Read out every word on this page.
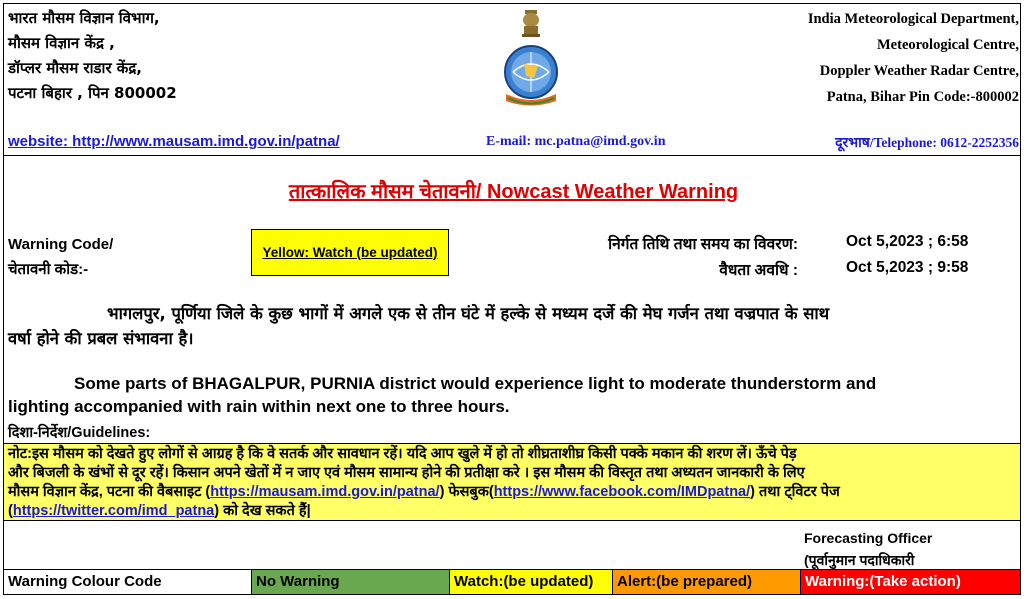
भारत मौसम विज्ञान विभाग,
मौसम विज्ञान केंद्र ,
डॉप्लर मौसम राडार केंद्र,
पटना बिहार , पिन 800002
India Meteorological Department,
Meteorological Centre,
Doppler Weather Radar Centre,
Patna, Bihar Pin Code:-800002
website: http://www.mausam.imd.gov.in/patna/	E-mail: mc.patna@imd.gov.in	दूरभाष/Telephone: 0612-2252356
तात्कालिक मौसम चेतावनी/ Nowcast Weather Warning
Warning Code/
चेतावनी कोड:-
Yellow: Watch (be updated)	निर्गत तिथि तथा समय का विवरण:	Oct 5,2023 ; 6:58
वैधता अवधि :	Oct 5,2023 ; 9:58
भागलपुर, पूर्णिया जिले के कुछ भागों में अगले एक से तीन घंटे में हल्के से मध्यम दर्जे की मेघ गर्जन तथा वज्रपात के साथ
वर्षा होने की प्रबल संभावना है।
Some parts of BHAGALPUR, PURNIA district would experience light to moderate thunderstorm and
lighting accompanied with rain within next one to three hours.
दिशा-निर्देश/Guidelines:
नोट:इस मौसम को देखते हुए लोगों से आग्रह है कि वे सतर्क और सावधान रहें। यदि आप खुले में हो तो शीघ्रताशीघ्र किसी पक्के मकान की शरण लें। ऊँचे पेड़
और बिजली के खंभों से दूर रहें। किसान अपने खेतों में न जाए एवं मौसम सामान्य होने की प्रतीक्षा करे । इस मौसम की विस्तृत तथा अध्यतन जानकारी के लिए
मौसम विज्ञान केंद्र, पटना की वैबसाइट (https://mausam.imd.gov.in/patna/) फेसबुक(https://www.facebook.com/IMDpatna/) तथा ट्विटर पेज
(https://twitter.com/imd_patna) को देख सकते हैं|
Forecasting Officer
(पूर्वानुमान पदाधिकारी
Warning Colour Code	No Warning	Watch:(be updated)	Alert:(be prepared)	Warning:(Take action)
